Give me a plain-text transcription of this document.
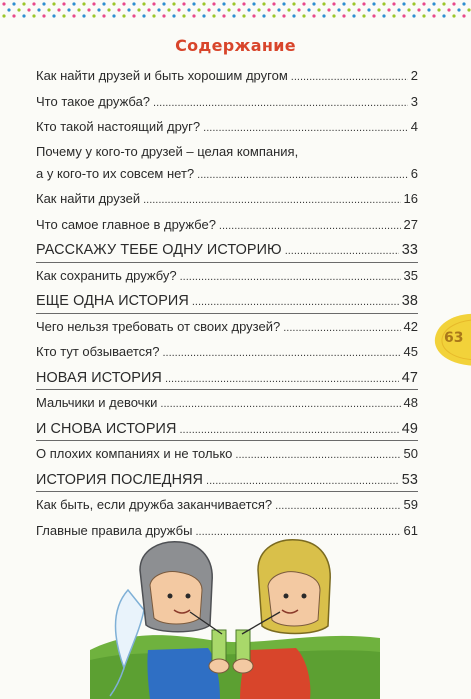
Содержание
Как найти друзей и быть хорошим другом .....	2
Что такое дружба? .....	3
Кто такой настоящий друг? .....	4
Почему у кого-то друзей – целая компания,
а у кого-то их совсем нет? .....	6
Как найти друзей .....	16
Что самое главное в дружбе? .....	27
РАССКАЖУ ТЕБЕ ОДНУ ИСТОРИЮ .....	33
Как сохранить дружбу? .....	35
ЕЩЕ ОДНА ИСТОРИЯ .....	38
Чего нельзя требовать от своих друзей? .....	42
Кто тут обзывается? .....	45
НОВАЯ ИСТОРИЯ .....	47
Мальчики и девочки .....	48
И СНОВА ИСТОРИЯ .....	49
О плохих компаниях и не только .....	50
ИСТОРИЯ ПОСЛЕДНЯЯ .....	53
Как быть, если дружба заканчивается? .....	59
Главные правила дружбы .....	61
63
